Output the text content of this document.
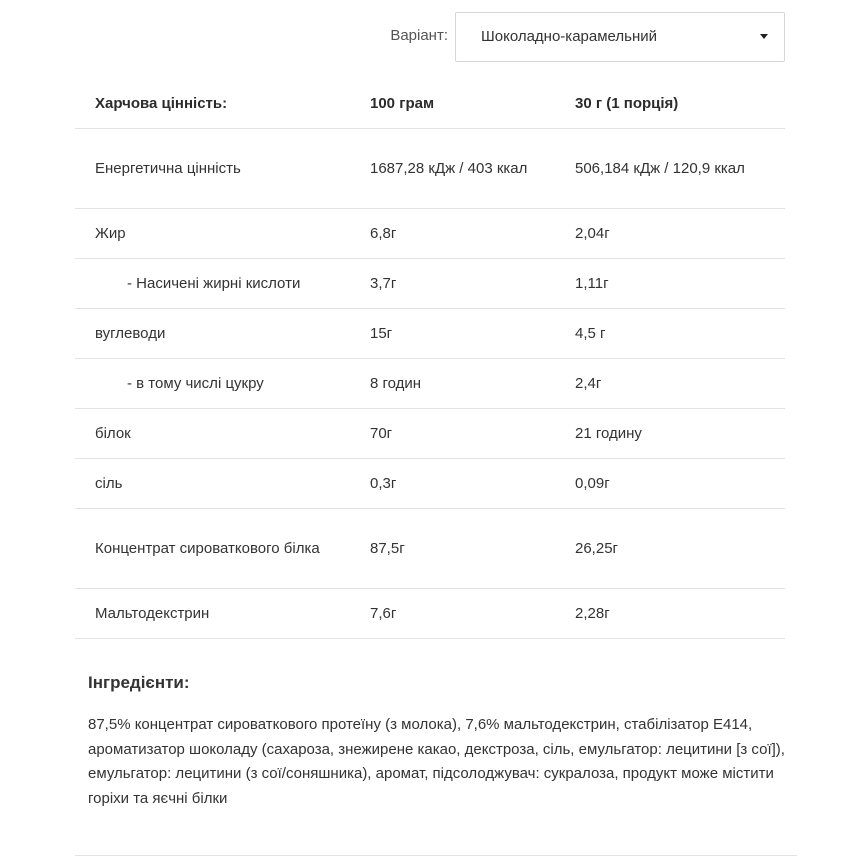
Варіант: Шоколадно-карамельний
Харчова цінність:	100 грам	30 г (1 порція)
Енергетична цінність	1687,28 кДж / 403 ккал	506,184 кДж / 120,9 ккал
Жир	6,8г	2,04г
- Насичені жирні кислоти	3,7г	1,11г
вуглеводи	15г	4,5 г
- в тому числі цукру	8 годин	2,4г
білок	70г	21 годину
сіль	0,3г	0,09г
Концентрат сироваткового білка	87,5г	26,25г
Мальтодекстрин	7,6г	2,28г
Інгредієнти:
87,5% концентрат сироваткового протеїну (з молока), 7,6% мальтодекстрин, стабілізатор E414, ароматизатор шоколаду (сахароза, знежирене какао, декстроза, сіль, емульгатор: лецитини [з сої]), емульгатор: лецитини (з сої/соняшника), аромат, підсолоджувач: сукралоза, продукт може містити горіхи та яєчні білки
